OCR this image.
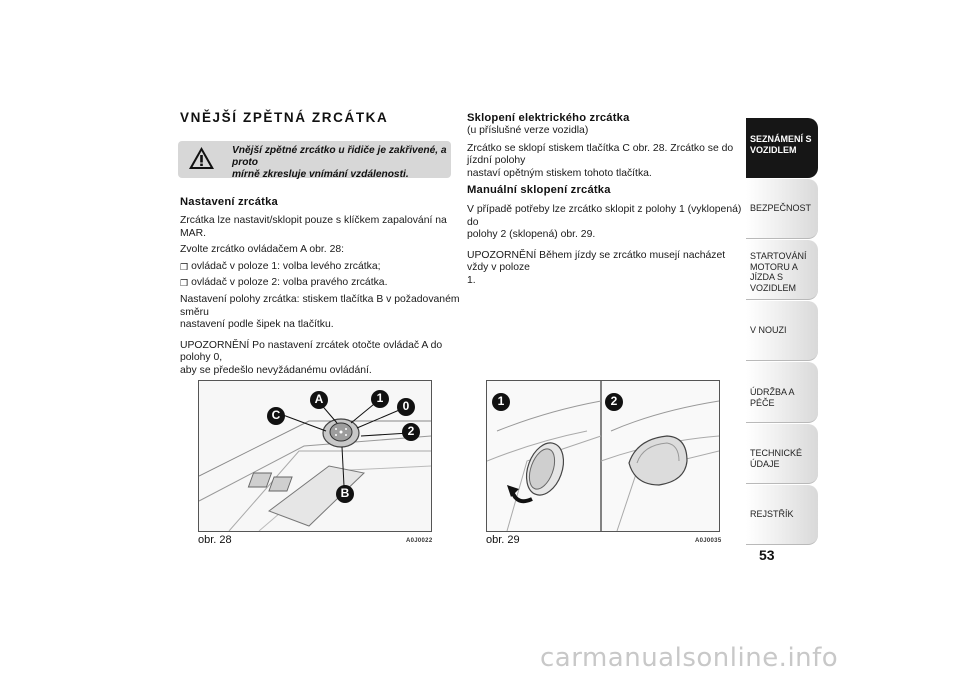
VNĚJŠÍ ZPĚTNÁ ZRCÁTKA
Vnější zpětné zrcátko u řidiče je zakřivené, a proto
mírně zkresluje vnímání vzdálenosti.
Nastavení zrcátka
Zrcátka lze nastavit/sklopit pouze s klíčkem zapalování na MAR.
Zvolte zrcátko ovládačem A obr. 28:
❒ ovládač v poloze 1: volba levého zrcátka;
❒ ovládač v poloze 2: volba pravého zrcátka.
Nastavení polohy zrcátka: stiskem tlačítka B v požadovaném směru
nastavení podle šipek na tlačítku.
UPOZORNĚNÍ Po nastavení zrcátek otočte ovládač A do polohy 0,
aby se předešlo nevyžádanému ovládání.
Sklopení elektrického zrcátka
(u příslušné verze vozidla)
Zrcátko se sklopí stiskem tlačítka C obr. 28. Zrcátko se do jízdní polohy
nastaví opětným stiskem tohoto tlačítka.
Manuální sklopení zrcátka
V případě potřeby lze zrcátko sklopit z polohy 1 (vyklopená) do
polohy 2 (sklopená) obr. 29.
UPOZORNĚNÍ Během jízdy se zrcátko musejí nacházet vždy v poloze
1.
A	1
0
C
2
B
obr. 28	A0J0022
1	2
obr. 29	A0J0035
SEZNÁMENÍ S
VOZIDLEM
BEZPEČNOST
STARTOVÁNÍ
MOTORU A JÍZDA S
VOZIDLEM
V NOUZI
ÚDRŽBA A PÉČE
TECHNICKÉ ÚDAJE
REJSTŘÍK
53
carmanualsonline.info
